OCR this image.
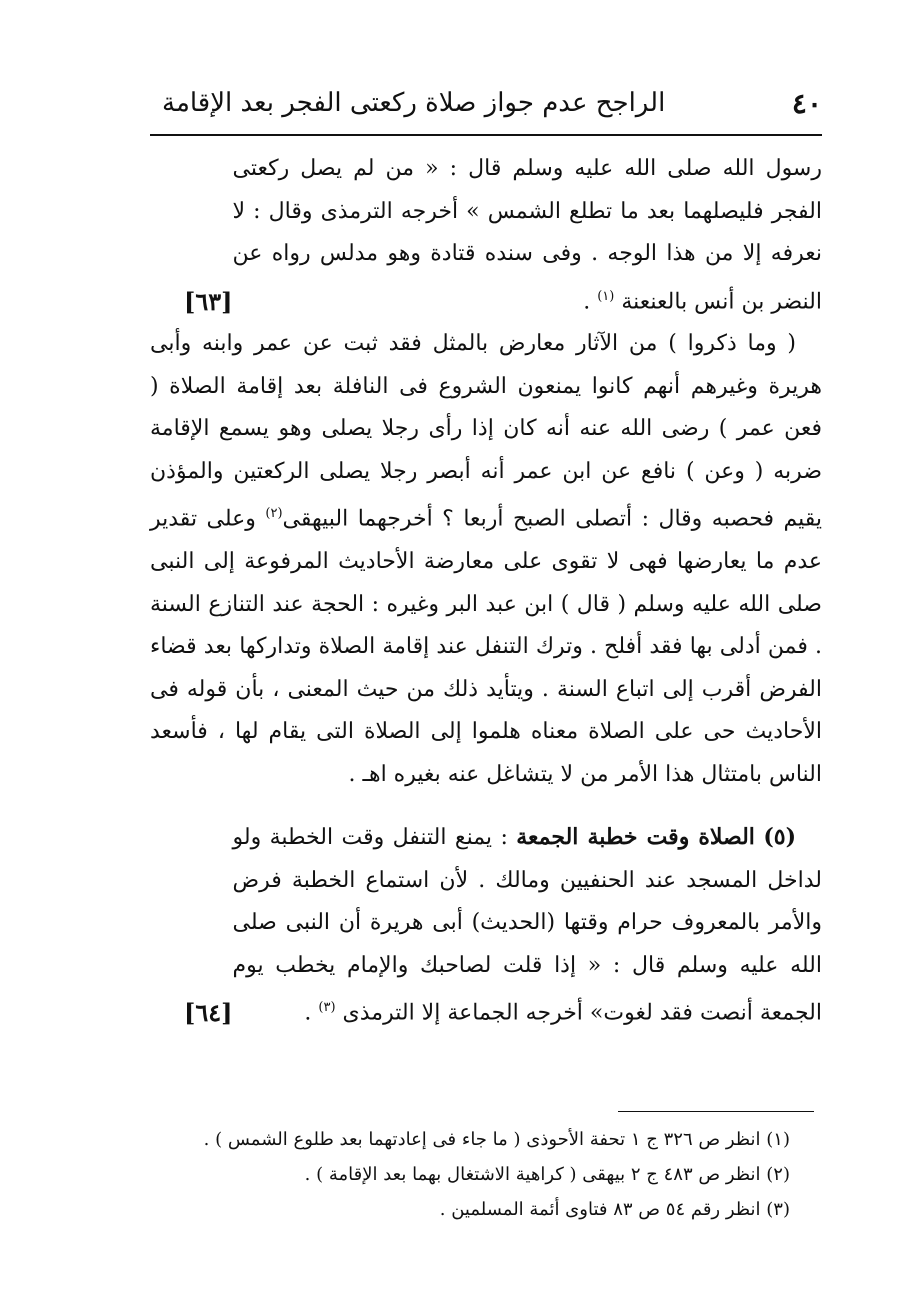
٤٠
الراجح عدم جواز صلاة ركعتى الفجر بعد الإقامة

رسول الله صلى الله عليه وسلم قال : « من لم يصل ركعتى الفجر فليصلهما بعد ما تطلع الشمس » أخرجه الترمذى وقال : لا نعرفه إلا من هذا الوجه . وفى سنده قتادة وهو مدلس رواه عن النضر بن أنس بالعنعنة $^{(١)}$ .

[٦٣]

( وما ذكروا ) من الآثار معارض بالمثل فقد ثبت عن عمر وابنه وأبى هريرة وغيرهم أنهم كانوا يمنعون الشروع فى النافلة بعد إقامة الصلاة ( فعن عمر ) رضى الله عنه أنه كان إذا رأى رجلا يصلى وهو يسمع الإقامة ضربه ( وعن ) نافع عن ابن عمر أنه أبصر رجلا يصلى الركعتين والمؤذن يقيم فحصبه وقال : أتصلى الصبح أربعا ؟ أخرجهما البيهقى$^{(٢)}$ وعلى تقدير عدم ما يعارضها فهى لا تقوى على معارضة الأحاديث المرفوعة إلى النبى صلى الله عليه وسلم ( قال ) ابن عبد البر وغيره : الحجة عند التنازع السنة . فمن أدلى بها فقد أفلح . وترك التنفل عند إقامة الصلاة وتداركها بعد قضاء الفرض أقرب إلى اتباع السنة . ويتأيد ذلك من حيث المعنى ، بأن قوله فى الأحاديث حى على الصلاة معناه هلموا إلى الصلاة التى يقام لها ، فأسعد الناس بامتثال هذا الأمر من لا يتشاغل عنه بغيره اهـ .

(٥) الصلاة وقت خطبة الجمعة : يمنع التنفل وقت الخطبة ولو لداخل المسجد عند الحنفيين ومالك . لأن استماع الخطبة فرض والأمر بالمعروف حرام وقتها (الحديث) أبى هريرة أن النبى صلى الله عليه وسلم قال : « إذا قلت لصاحبك والإمام يخطب يوم الجمعة أنصت فقد لغوت» أخرجه الجماعة إلا الترمذى $^{(٣)}$ .

[٦٤]

(١) انظر ص ٣٢٦ ج ١ تحفة الأحوذى ( ما جاء فى إعادتهما بعد طلوع الشمس ) .

(٢) انظر ص ٤٨٣ ج ٢ بيهقى ( كراهية الاشتغال بهما بعد الإقامة ) .

(٣) انظر رقم ٥٤ ص ٨٣ فتاوى أئمة المسلمين .
